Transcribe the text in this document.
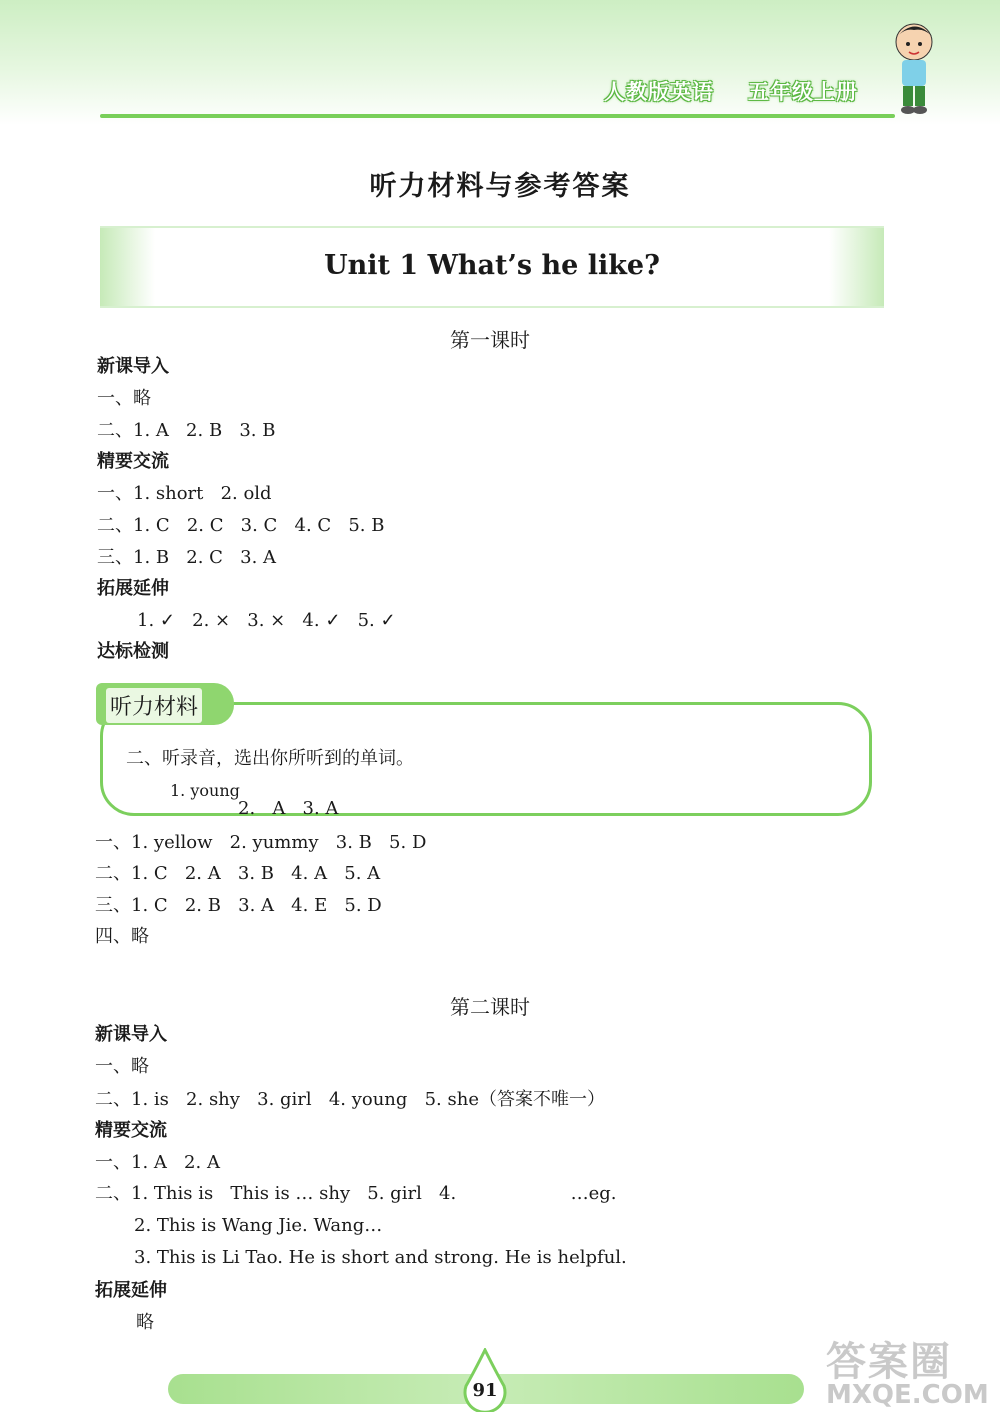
人教版英语 五年级上册
听力材料与参考答案
Unit 1 What’s he like?
第一课时
新课导入
一、略
二、1. A   2. B   3. B
精要交流
一、1. short   2. old
二、1. C   2. C   3. C   4. C   5. B
三、1. B   2. C   3. A
拓展延伸
1. ✓   2. ×   3. ×   4. ✓   5. ✓
达标检测
听力材料
二、听录音，选出你所听到的单词。
1. young
2.   A   3. A
一、1. yellow   2. yummy   3. B   5. D
二、1. C   2. A   3. B   4. A   5. A
三、1. C   2. B   3. A   4. E   5. D
四、略
第二课时
新课导入
一、略
二、1. is   2. shy   3. girl   4. young   5. she（答案不唯一）
精要交流
一、1. A   2. A
二、1. This is   This is … shy   5. girl   4.                    …eg.
2. This is Wang Jie. Wang…
3. This is Li Tao. He is short and strong. He is helpful.
拓展延伸
略
91
答案圈
MXQE.COM
